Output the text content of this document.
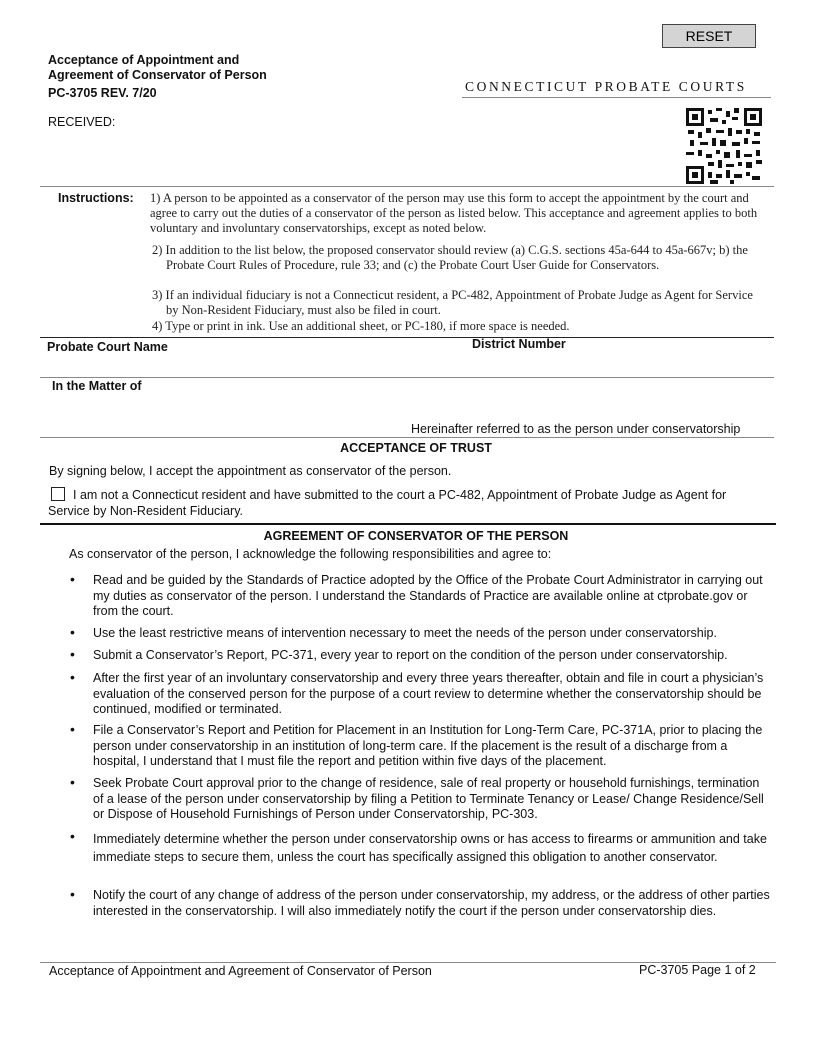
RESET
Acceptance of Appointment and
Agreement of Conservator of Person
PC-3705 REV. 7/20	CONNECTICUT PROBATE COURTS
RECEIVED:
Instructions: 1) A person to be appointed as a conservator of the person may use this form to accept the appointment by the court and agree to carry out the duties of a conservator of the person as listed below. This acceptance and agreement applies to both voluntary and involuntary conservatorships, except as noted below.
2) In addition to the list below, the proposed conservator should review (a) C.G.S. sections 45a-644 to 45a-667v; b) the Probate Court Rules of Procedure, rule 33; and (c) the Probate Court User Guide for Conservators.
3) If an individual fiduciary is not a Connecticut resident, a PC-482, Appointment of Probate Judge as Agent for Service by Non-Resident Fiduciary, must also be filed in court.
4) Type or print in ink. Use an additional sheet, or PC-180, if more space is needed.
Probate Court Name	District Number
In the Matter of
Hereinafter referred to as the person under conservatorship
ACCEPTANCE OF TRUST
By signing below, I accept the appointment as conservator of the person.
I am not a Connecticut resident and have submitted to the court a PC-482, Appointment of Probate Judge as Agent for Service by Non-Resident Fiduciary.
AGREEMENT OF CONSERVATOR OF THE PERSON
As conservator of the person, I acknowledge the following responsibilities and agree to:
• Read and be guided by the Standards of Practice adopted by the Office of the Probate Court Administrator in carrying out my duties as conservator of the person. I understand the Standards of Practice are available online at ctprobate.gov or from the court.
• Use the least restrictive means of intervention necessary to meet the needs of the person under conservatorship.
• Submit a Conservator’s Report, PC-371, every year to report on the condition of the person under conservatorship.
• After the first year of an involuntary conservatorship and every three years thereafter, obtain and file in court a physician’s evaluation of the conserved person for the purpose of a court review to determine whether the conservatorship should be continued, modified or terminated.
• File a Conservator’s Report and Petition for Placement in an Institution for Long-Term Care, PC-371A, prior to placing the person under conservatorship in an institution of long-term care. If the placement is the result of a discharge from a hospital, I understand that I must file the report and petition within five days of the placement.
• Seek Probate Court approval prior to the change of residence, sale of real property or household furnishings, termination of a lease of the person under conservatorship by filing a Petition to Terminate Tenancy or Lease/ Change Residence/Sell or Dispose of Household Furnishings of Person under Conservatorship, PC-303.
• Immediately determine whether the person under conservatorship owns or has access to firearms or ammunition and take immediate steps to secure them, unless the court has specifically assigned this obligation to another conservator.
• Notify the court of any change of address of the person under conservatorship, my address, or the address of other parties interested in the conservatorship. I will also immediately notify the court if the person under conservatorship dies.
Acceptance of Appointment and Agreement of Conservator of Person	PC-3705 Page 1 of 2
